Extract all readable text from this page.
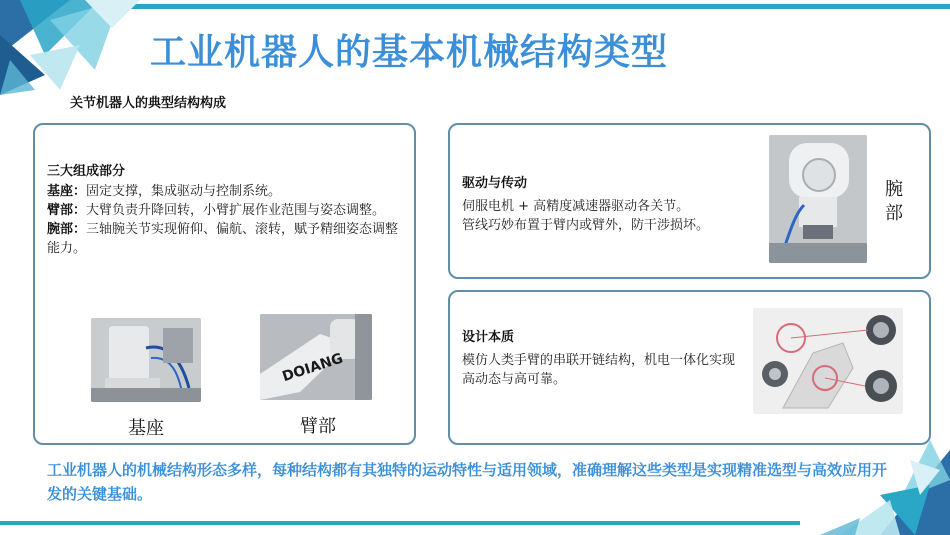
工业机器人的基本机械结构类型
关节机器人的典型结构构成
三大组成部分
基座：固定支撑，集成驱动与控制系统。
臂部：大臂负责升降回转，小臂扩展作业范围与姿态调整。
腕部：三轴腕关节实现俯仰、偏航、滚转，赋予精细姿态调整能力。
DOIANG
基座	臂部
驱动与传动
伺服电机 + 高精度减速器驱动各关节。
管线巧妙布置于臂内或臂外，防干涉损坏。
腕部
设计本质
模仿人类手臂的串联开链结构，机电一体化实现高动态与高可靠。
工业机器人的机械结构形态多样，每种结构都有其独特的运动特性与适用领域，准确理解这些类型是实现精准选型与高效应用开发的关键基础。
